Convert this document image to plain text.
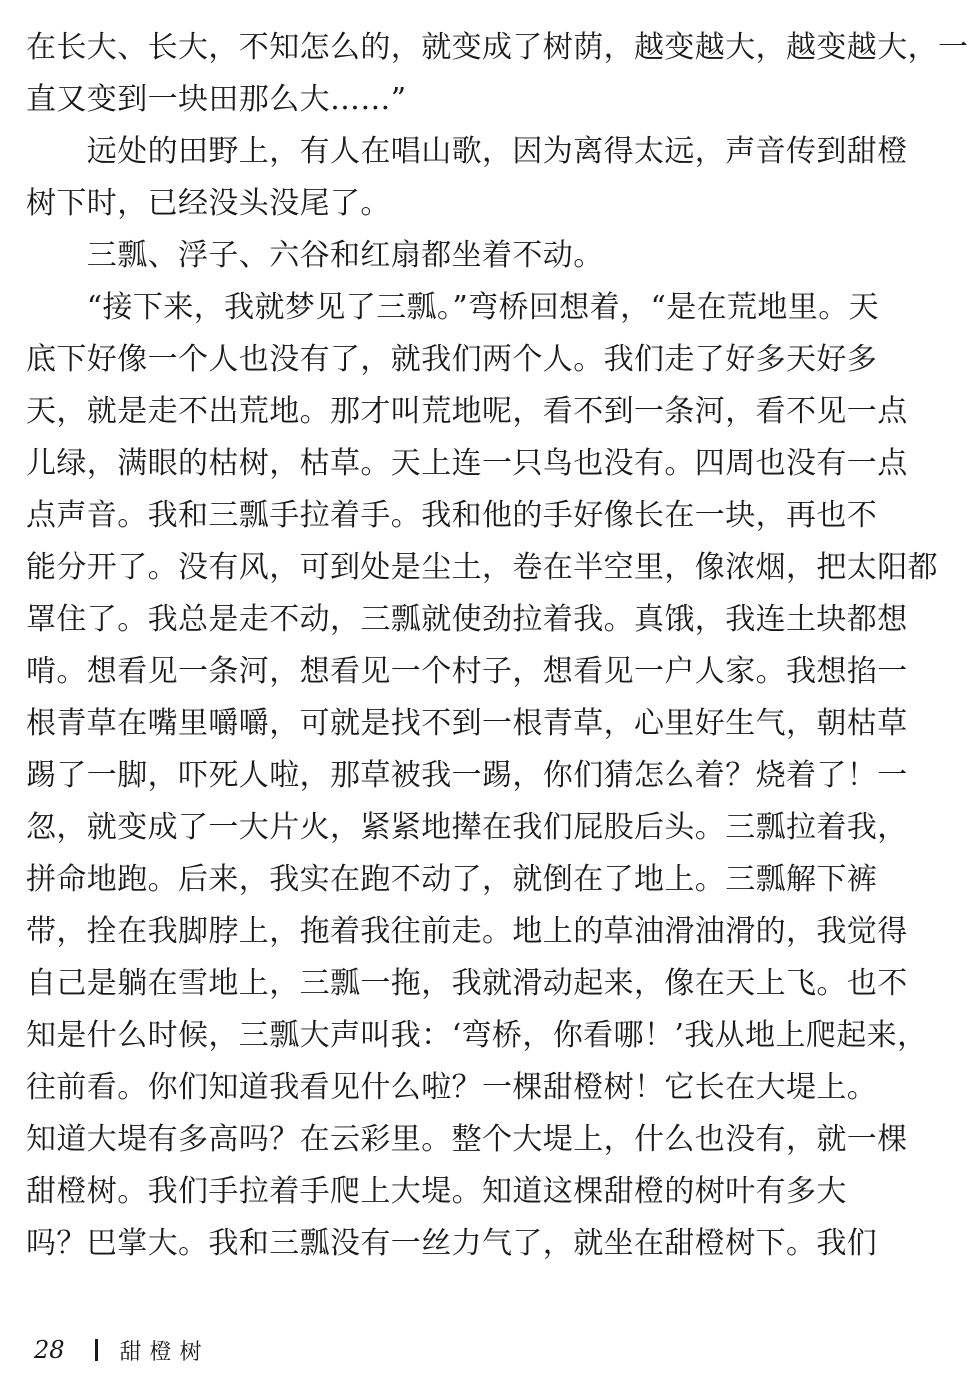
在长大、长大，不知怎么的，就变成了树荫，越变越大，越变越大，一
直又变到一块田那么大……”
　　远处的田野上，有人在唱山歌，因为离得太远，声音传到甜橙
树下时，已经没头没尾了。
　　三瓢、浮子、六谷和红扇都坐着不动。
　　“接下来，我就梦见了三瓢。”弯桥回想着，“是在荒地里。天
底下好像一个人也没有了，就我们两个人。我们走了好多天好多
天，就是走不出荒地。那才叫荒地呢，看不到一条河，看不见一点
儿绿，满眼的枯树，枯草。天上连一只鸟也没有。四周也没有一点
点声音。我和三瓢手拉着手。我和他的手好像长在一块，再也不
能分开了。没有风，可到处是尘土，卷在半空里，像浓烟，把太阳都
罩住了。我总是走不动，三瓢就使劲拉着我。真饿，我连土块都想
啃。想看见一条河，想看见一个村子，想看见一户人家。我想掐一
根青草在嘴里嚼嚼，可就是找不到一根青草，心里好生气，朝枯草
踢了一脚，吓死人啦，那草被我一踢，你们猜怎么着？烧着了！一
忽，就变成了一大片火，紧紧地撵在我们屁股后头。三瓢拉着我，
拼命地跑。后来，我实在跑不动了，就倒在了地上。三瓢解下裤
带，拴在我脚脖上，拖着我往前走。地上的草油滑油滑的，我觉得
自己是躺在雪地上，三瓢一拖，我就滑动起来，像在天上飞。也不
知是什么时候，三瓢大声叫我：‘弯桥，你看哪！’我从地上爬起来，
往前看。你们知道我看见什么啦？一棵甜橙树！它长在大堤上。
知道大堤有多高吗？在云彩里。整个大堤上，什么也没有，就一棵
甜橙树。我们手拉着手爬上大堤。知道这棵甜橙的树叶有多大
吗？巴掌大。我和三瓢没有一丝力气了，就坐在甜橙树下。我们
28	甜橙树
